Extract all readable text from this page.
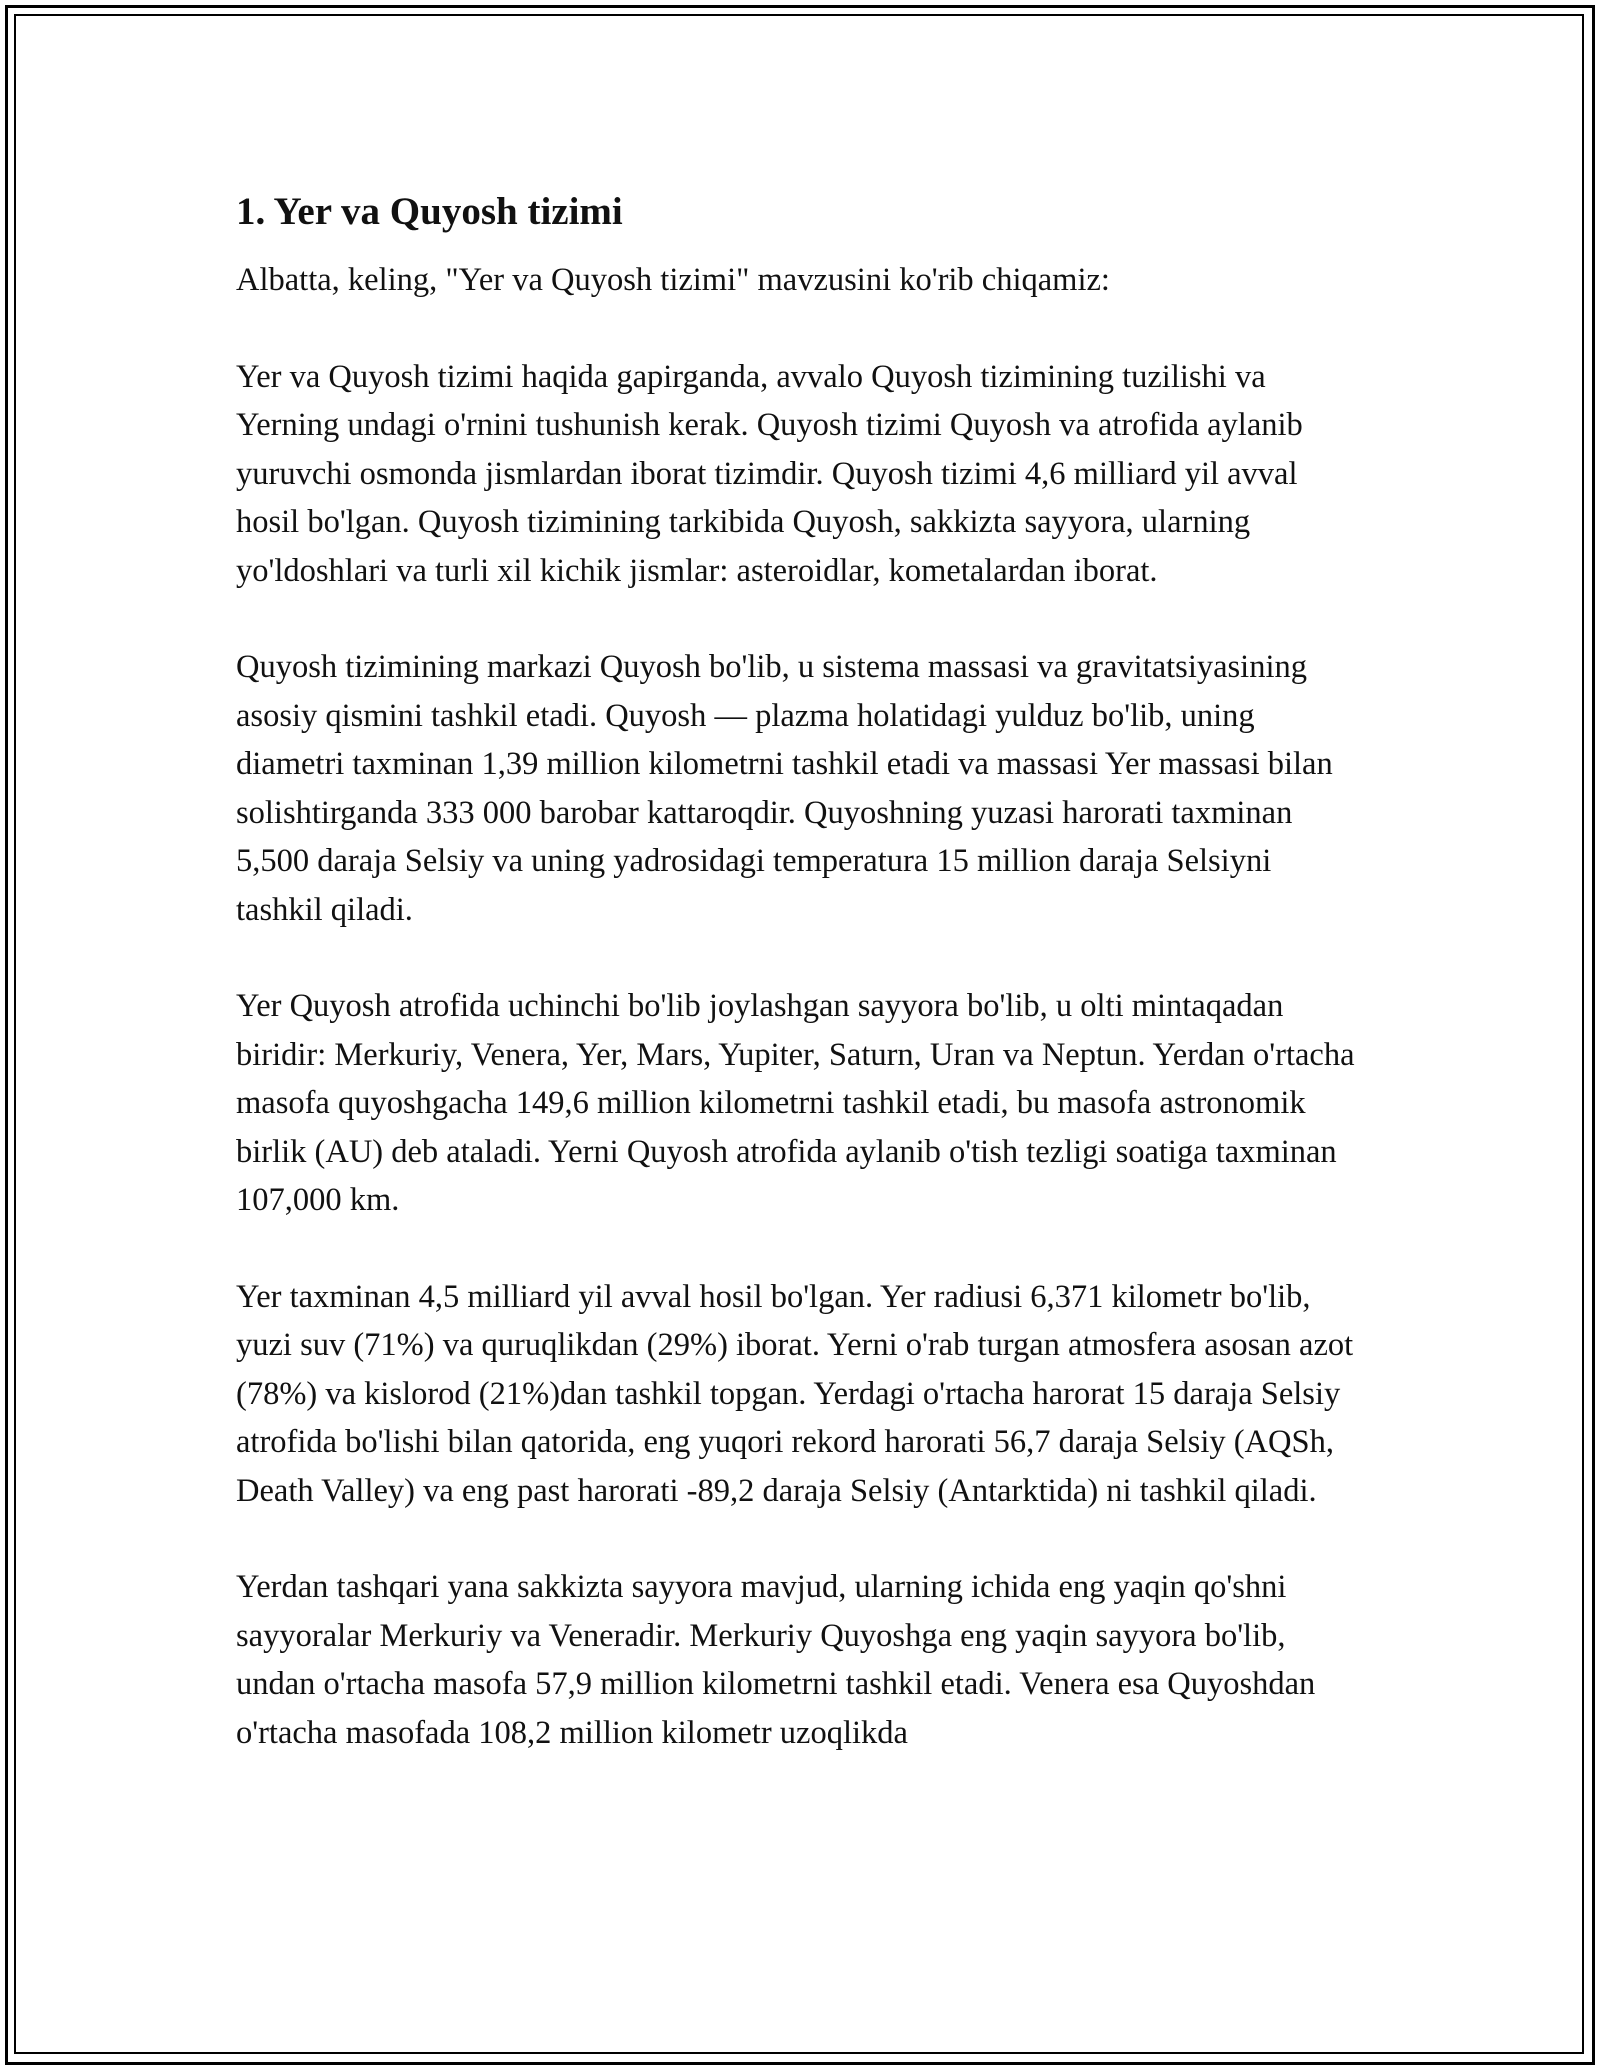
1. Yer va Quyosh tizimi

Albatta, keling, "Yer va Quyosh tizimi" mavzusini ko'rib chiqamiz:

Yer va Quyosh tizimi haqida gapirganda, avvalo Quyosh tizimining tuzilishi va Yerning undagi o'rnini tushunish kerak. Quyosh tizimi Quyosh va atrofida aylanib yuruvchi osmonda jismlardan iborat tizimdir. Quyosh tizimi 4,6 milliard yil avval hosil bo'lgan. Quyosh tizimining tarkibida Quyosh, sakkizta sayyora, ularning yo'ldoshlari va turli xil kichik jismlar: asteroidlar, kometalardan iborat.

Quyosh tizimining markazi Quyosh bo'lib, u sistema massasi va gravitatsiyasining asosiy qismini tashkil etadi. Quyosh — plazma holatidagi yulduz bo'lib, uning diametri taxminan 1,39 million kilometrni tashkil etadi va massasi Yer massasi bilan solishtirganda 333 000 barobar kattaroqdir. Quyoshning yuzasi harorati taxminan 5,500 daraja Selsiy va uning yadrosidagi temperatura 15 million daraja Selsiyni tashkil qiladi.

Yer Quyosh atrofida uchinchi bo'lib joylashgan sayyora bo'lib, u olti mintaqadan biridir: Merkuriy, Venera, Yer, Mars, Yupiter, Saturn, Uran va Neptun. Yerdan o'rtacha masofa quyoshgacha 149,6 million kilometrni tashkil etadi, bu masofa astronomik birlik (AU) deb ataladi. Yerni Quyosh atrofida aylanib o'tish tezligi soatiga taxminan 107,000 km.

Yer taxminan 4,5 milliard yil avval hosil bo'lgan. Yer radiusi 6,371 kilometr bo'lib, yuzi suv (71%) va quruqlikdan (29%) iborat. Yerni o'rab turgan atmosfera asosan azot (78%) va kislorod (21%)dan tashkil topgan. Yerdagi o'rtacha harorat 15 daraja Selsiy atrofida bo'lishi bilan qatorida, eng yuqori rekord harorati 56,7 daraja Selsiy (AQSh, Death Valley) va eng past harorati -89,2 daraja Selsiy (Antarktida) ni tashkil qiladi.

Yerdan tashqari yana sakkizta sayyora mavjud, ularning ichida eng yaqin qo'shni sayyoralar Merkuriy va Veneradir. Merkuriy Quyoshga eng yaqin sayyora bo'lib, undan o'rtacha masofa 57,9 million kilometrni tashkil etadi. Venera esa Quyoshdan o'rtacha masofada 108,2 million kilometr uzoqlikda
